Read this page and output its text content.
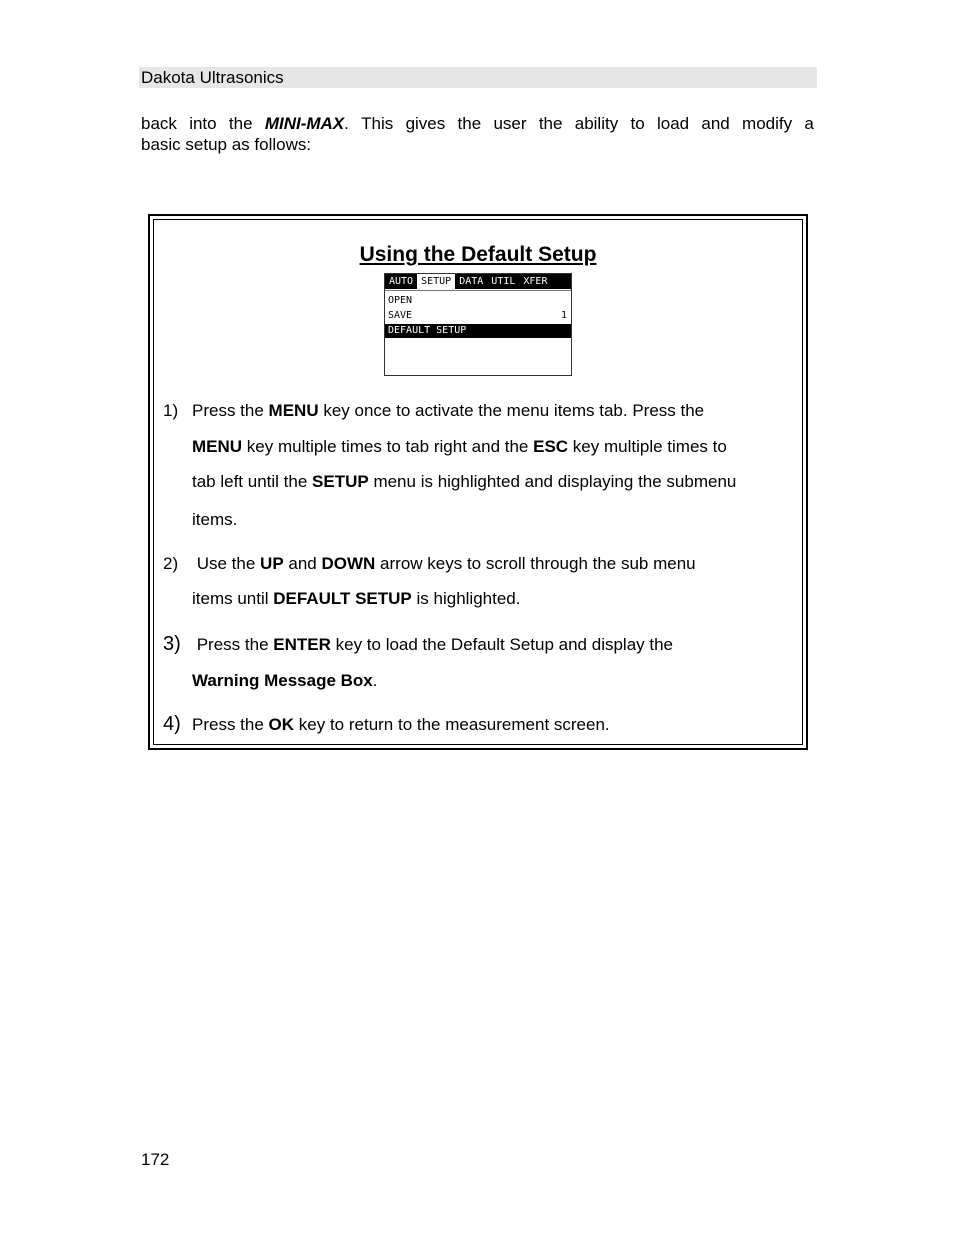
Dakota Ultrasonics
back into the MINI-MAX. This gives the user the ability to load and modify a
basic setup as follows:
Using the Default Setup
AUTO SETUP DATA UTIL XFER
OPEN
SAVE	1
DEFAULT SETUP
1) Press the MENU key once to activate the menu items tab. Press the
MENU key multiple times to tab right and the ESC key multiple times to
tab left until the SETUP menu is highlighted and displaying the submenu
items.
2) Use the UP and DOWN arrow keys to scroll through the sub menu
items until DEFAULT SETUP is highlighted.
3) Press the ENTER key to load the Default Setup and display the
Warning Message Box.
4) Press the OK key to return to the measurement screen.
172
